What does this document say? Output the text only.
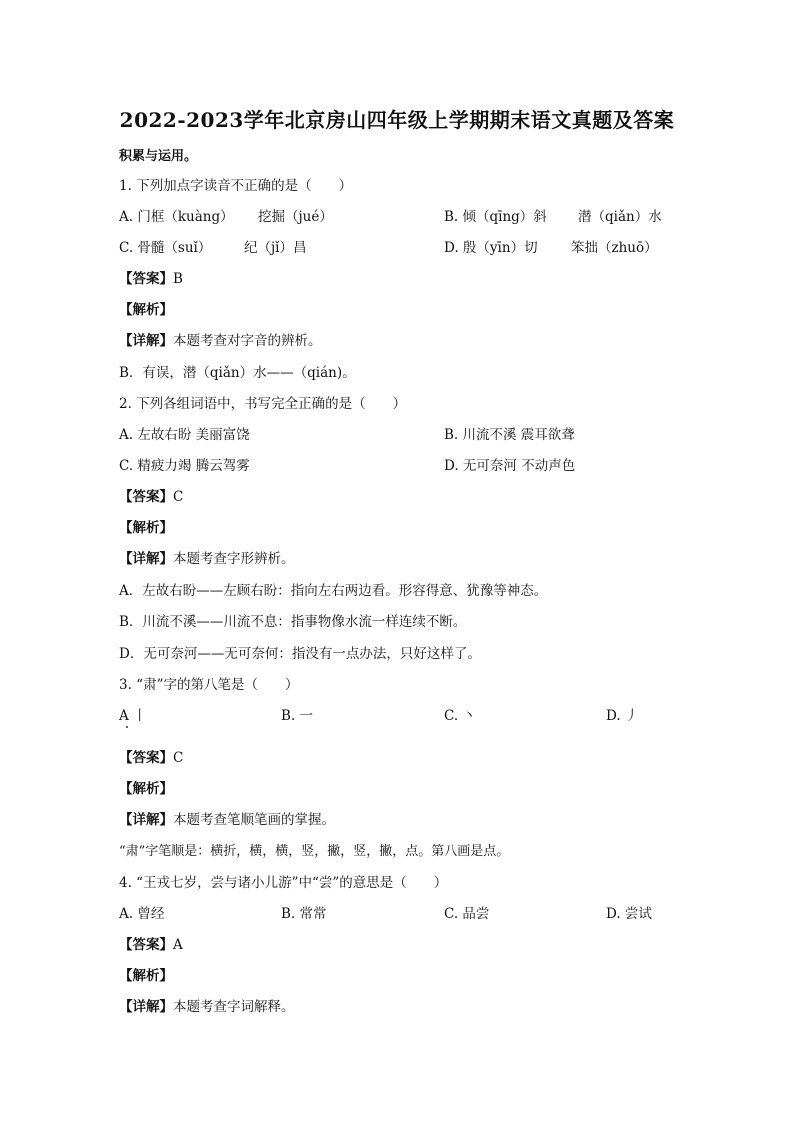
2022-2023学年北京房山四年级上学期期末语文真题及答案
积累与运用。
1. 下列加点字读音不正确的是（　　）
A. 门框（kuàng） 挖掘（jué）	B. 倾（qīng）斜 潜（qiǎn）水
C. 骨髓（suǐ） 纪（jǐ）昌	D. 殷（yīn）切 笨拙（zhuō）
【答案】B
【解析】
【详解】本题考查对字音的辨析。
B．有误，潜（qiǎn）水——（qián)。
2. 下列各组词语中，书写完全正确的是（　　）
A. 左故右盼 美丽富饶	B. 川流不溪 震耳欲聋
C. 精疲力竭 腾云驾雾	D. 无可奈河 不动声色
【答案】C
【解析】
【详解】本题考查字形辨析。
A．左故右盼——左顾右盼：指向左右两边看。形容得意、犹豫等神态。
B．川流不溪——川流不息：指事物像水流一样连续不断。
D．无可奈河——无可奈何：指没有一点办法，只好这样了。
3. “肃”字的第八笔是（　　）
A 丨	B. 一	C. 丶	D. 丿
【答案】C
【解析】
【详解】本题考查笔顺笔画的掌握。
“肃”字笔顺是：横折，横，横，竖，撇，竖，撇，点。第八画是点。
4. “王戎七岁，尝与诸小儿游”中“尝”的意思是（　　）
A. 曾经	B. 常常	C. 品尝	D. 尝试
【答案】A
【解析】
【详解】本题考查字词解释。
